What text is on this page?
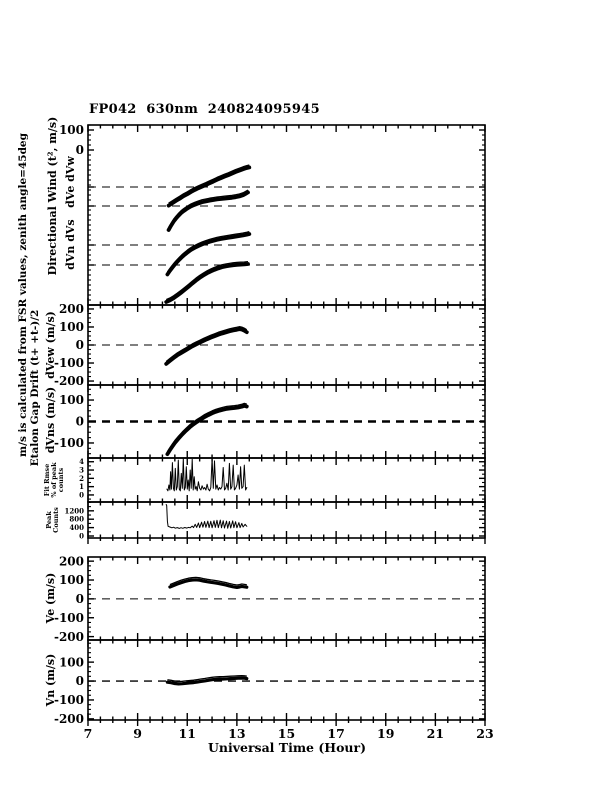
100
0
200
100
0
-100
-200
100
0
-100
4
3
2
1
0
1200
800
400
0
200
100
0
-100
-200
100
0
-100
-200
7	9	11	13	15	17	19	21	23
FP042  630nm  240824095945
m/s is calculated from FSR values, zenith angle=45deg Etalon Gap Drift (t+ +t-)/2
Directional Wind (t², m/s) dVn dVs   dVe dVw
dVew (m/s)
dVns (m/s)
Fit Rmse % of peak counts
Peak Counts
Ve (m/s)
Vn (m/s)
Universal Time (Hour)
